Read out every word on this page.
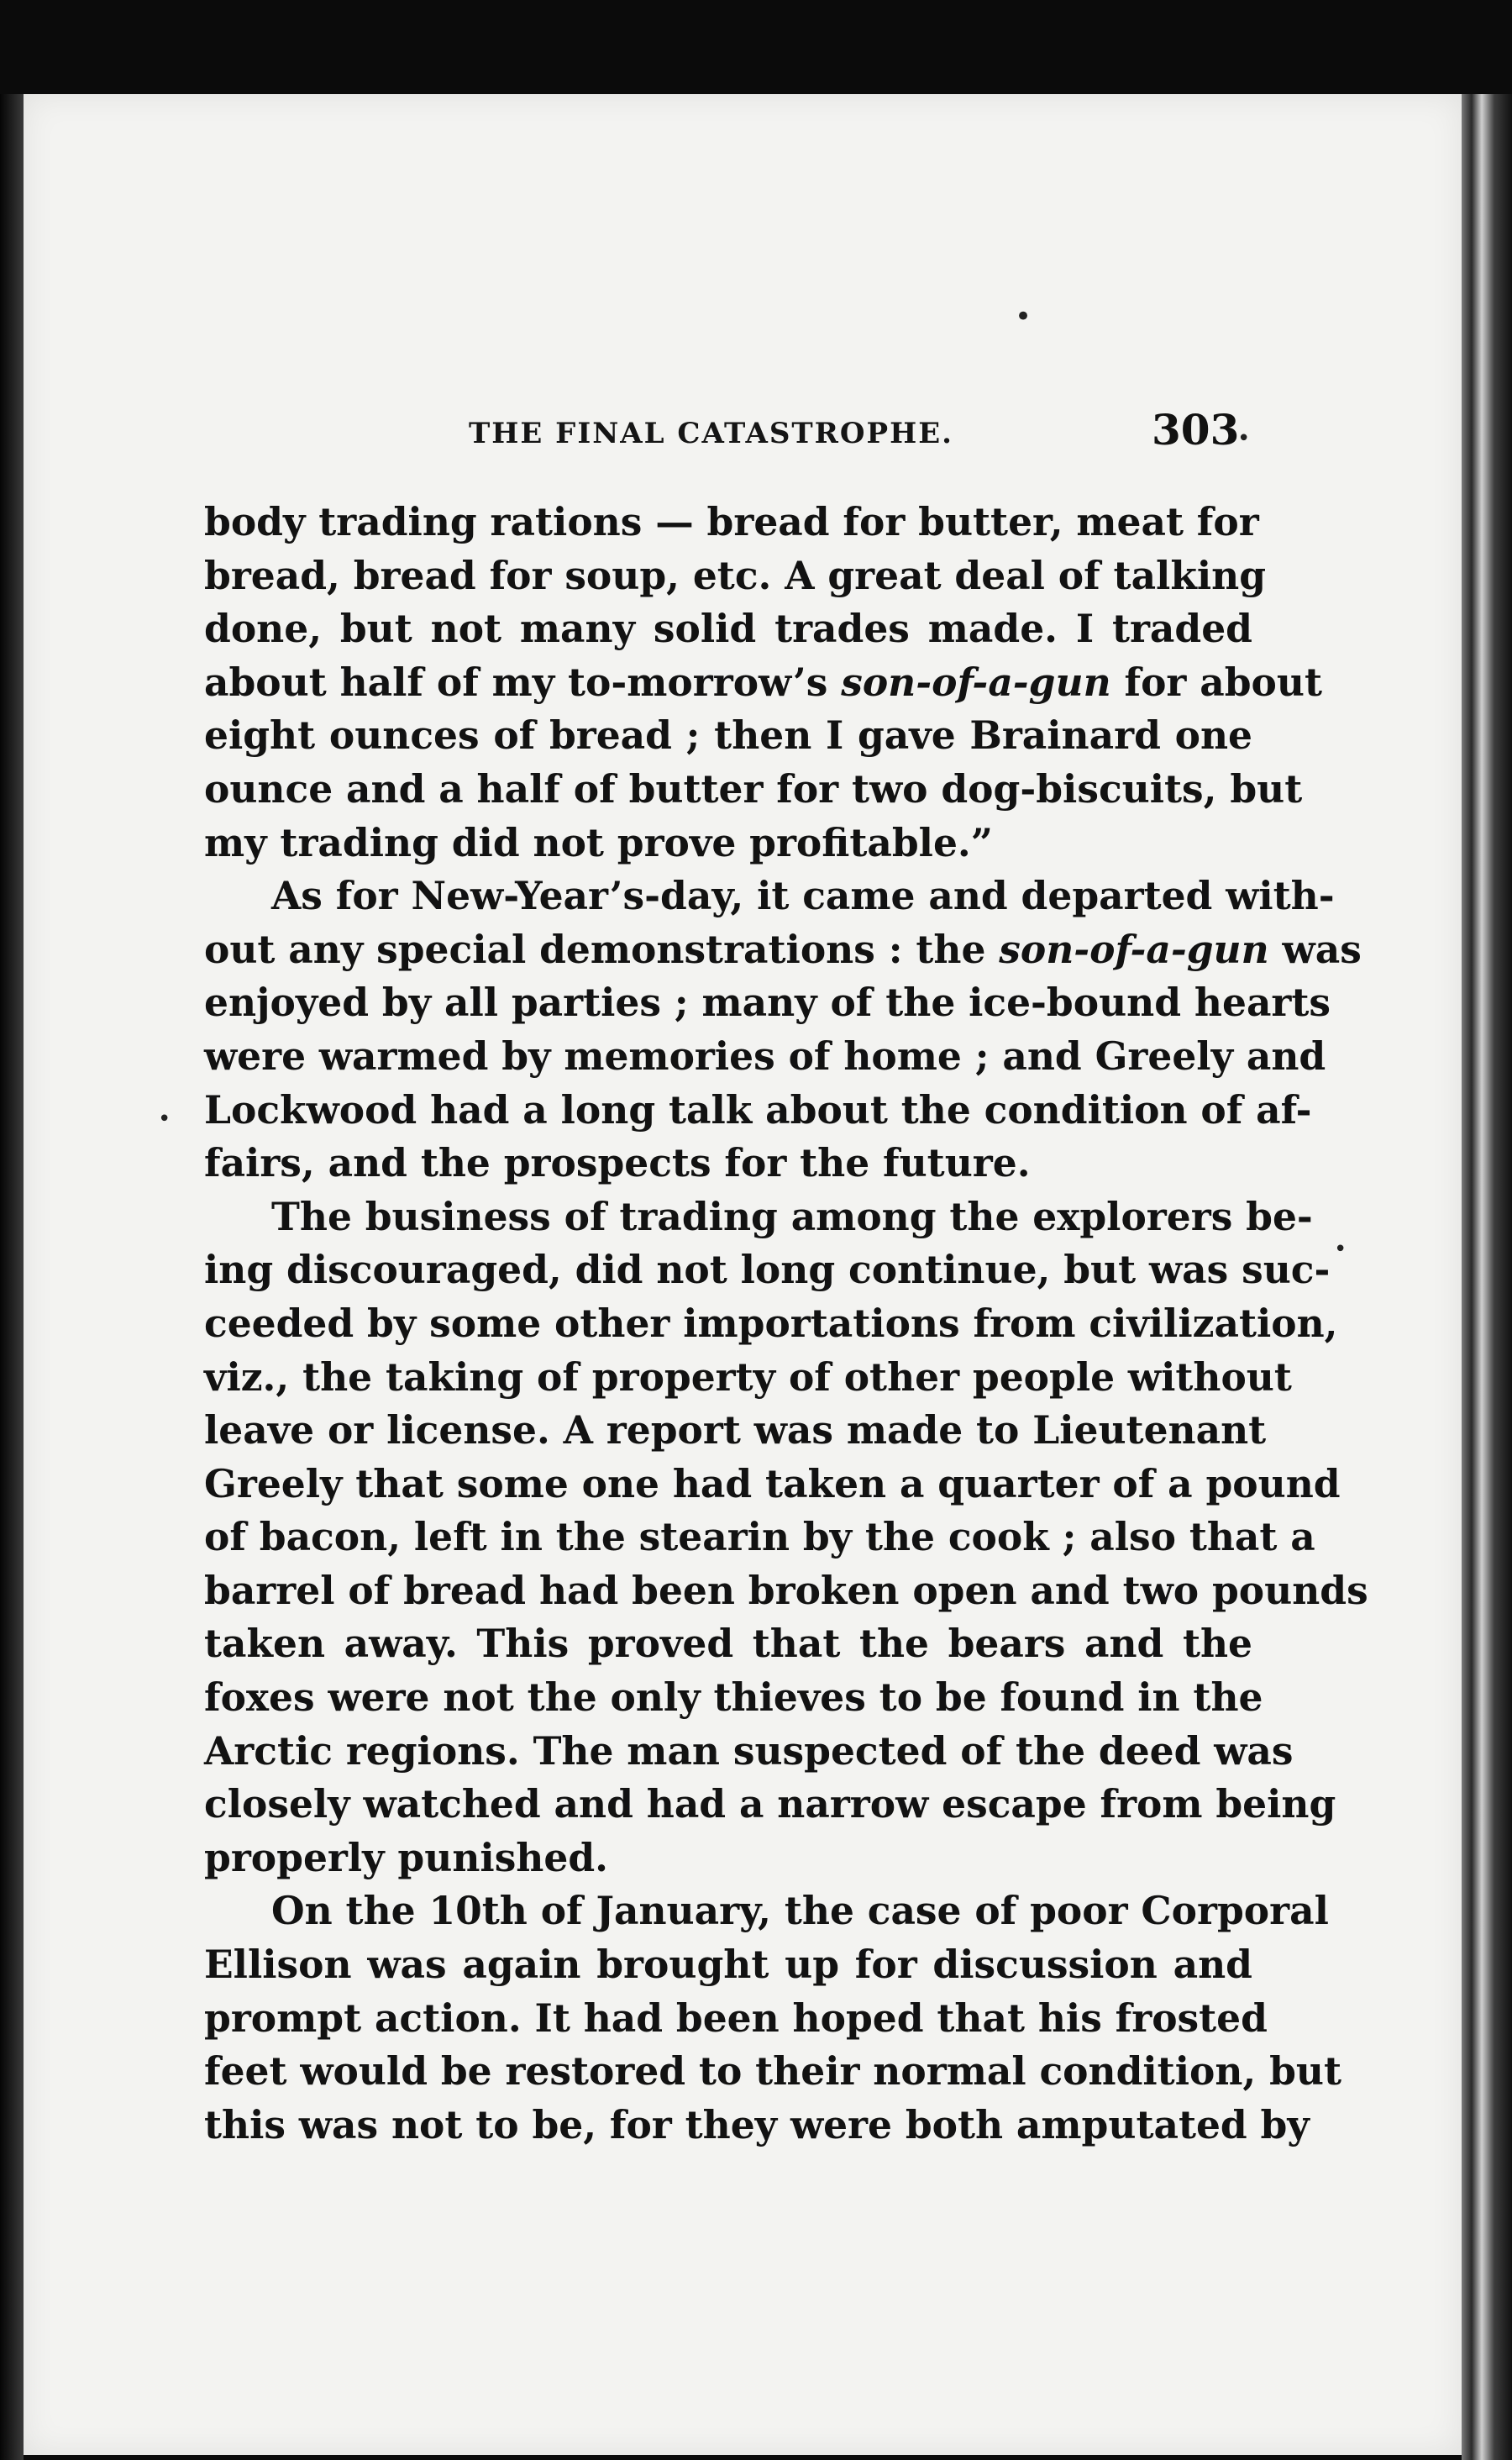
THE FINAL CATASTROPHE.	303
•
•
•
•
body trading rations — bread for butter, meat for
bread, bread for soup, etc. A great deal of talking
done, but not many solid trades made. I traded
about half of my to-morrow’s son-of-a-gun for about
eight ounces of bread ; then I gave Brainard one
ounce and a half of butter for two dog-biscuits, but
my trading did not prove profitable.”
As for New-Year’s-day, it came and departed with-
out any special demonstrations : the son-of-a-gun was
enjoyed by all parties ; many of the ice-bound hearts
were warmed by memories of home ; and Greely and
Lockwood had a long talk about the condition of af-
fairs, and the prospects for the future.
The business of trading among the explorers be-
ing discouraged, did not long continue, but was suc-
ceeded by some other importations from civilization,
viz., the taking of property of other people without
leave or license. A report was made to Lieutenant
Greely that some one had taken a quarter of a pound
of bacon, left in the stearin by the cook ; also that a
barrel of bread had been broken open and two pounds
taken away. This proved that the bears and the
foxes were not the only thieves to be found in the
Arctic regions. The man suspected of the deed was
closely watched and had a narrow escape from being
properly punished.
On the 10th of January, the case of poor Corporal
Ellison was again brought up for discussion and
prompt action. It had been hoped that his frosted
feet would be restored to their normal condition, but
this was not to be, for they were both amputated by
